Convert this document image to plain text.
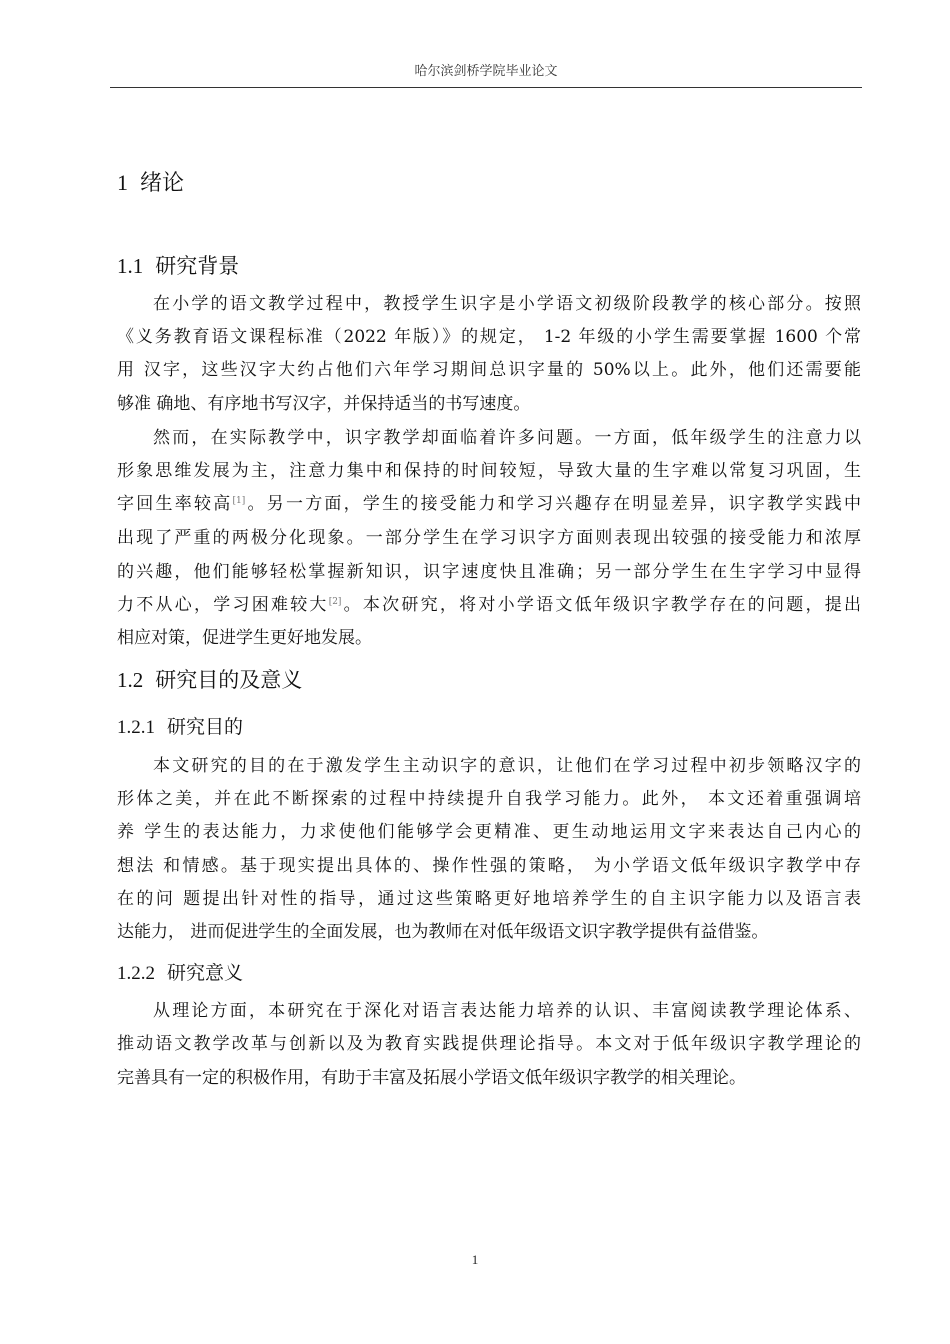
哈尔滨剑桥学院毕业论文
1 绪论
1.1 研究背景
在小学的语文教学过程中，教授学生识字是小学语文初级阶段教学的核心部分。按照
《义务教育语文课程标准（2022 年版）》的规定， 1-2 年级的小学生需要掌握 1600 个常
用 汉字，这些汉字大约占他们六年学习期间总识字量的 50%以上。此外，他们还需要能
够准 确地、有序地书写汉字，并保持适当的书写速度。
然而，在实际教学中，识字教学却面临着许多问题。一方面，低年级学生的注意力以
形象思维发展为主，注意力集中和保持的时间较短，导致大量的生字难以常复习巩固，生
字回生率较高[1]。另一方面，学生的接受能力和学习兴趣存在明显差异，识字教学实践中
出现了严重的两极分化现象。一部分学生在学习识字方面则表现出较强的接受能力和浓厚
的兴趣，他们能够轻松掌握新知识，识字速度快且准确；另一部分学生在生字学习中显得
力不从心，学习困难较大[2]。本次研究，将对小学语文低年级识字教学存在的问题，提出
相应对策，促进学生更好地发展。
1.2 研究目的及意义
1.2.1 研究目的
本文研究的目的在于激发学生主动识字的意识，让他们在学习过程中初步领略汉字的
形体之美，并在此不断探索的过程中持续提升自我学习能力。此外， 本文还着重强调培
养 学生的表达能力，力求使他们能够学会更精准、更生动地运用文字来表达自己内心的
想法 和情感。基于现实提出具体的、操作性强的策略， 为小学语文低年级识字教学中存
在的问 题提出针对性的指导，通过这些策略更好地培养学生的自主识字能力以及语言表
达能力， 进而促进学生的全面发展，也为教师在对低年级语文识字教学提供有益借鉴。
1.2.2 研究意义
从理论方面，本研究在于深化对语言表达能力培养的认识、丰富阅读教学理论体系、
推动语文教学改革与创新以及为教育实践提供理论指导。本文对于低年级识字教学理论的
完善具有一定的积极作用，有助于丰富及拓展小学语文低年级识字教学的相关理论。
1
